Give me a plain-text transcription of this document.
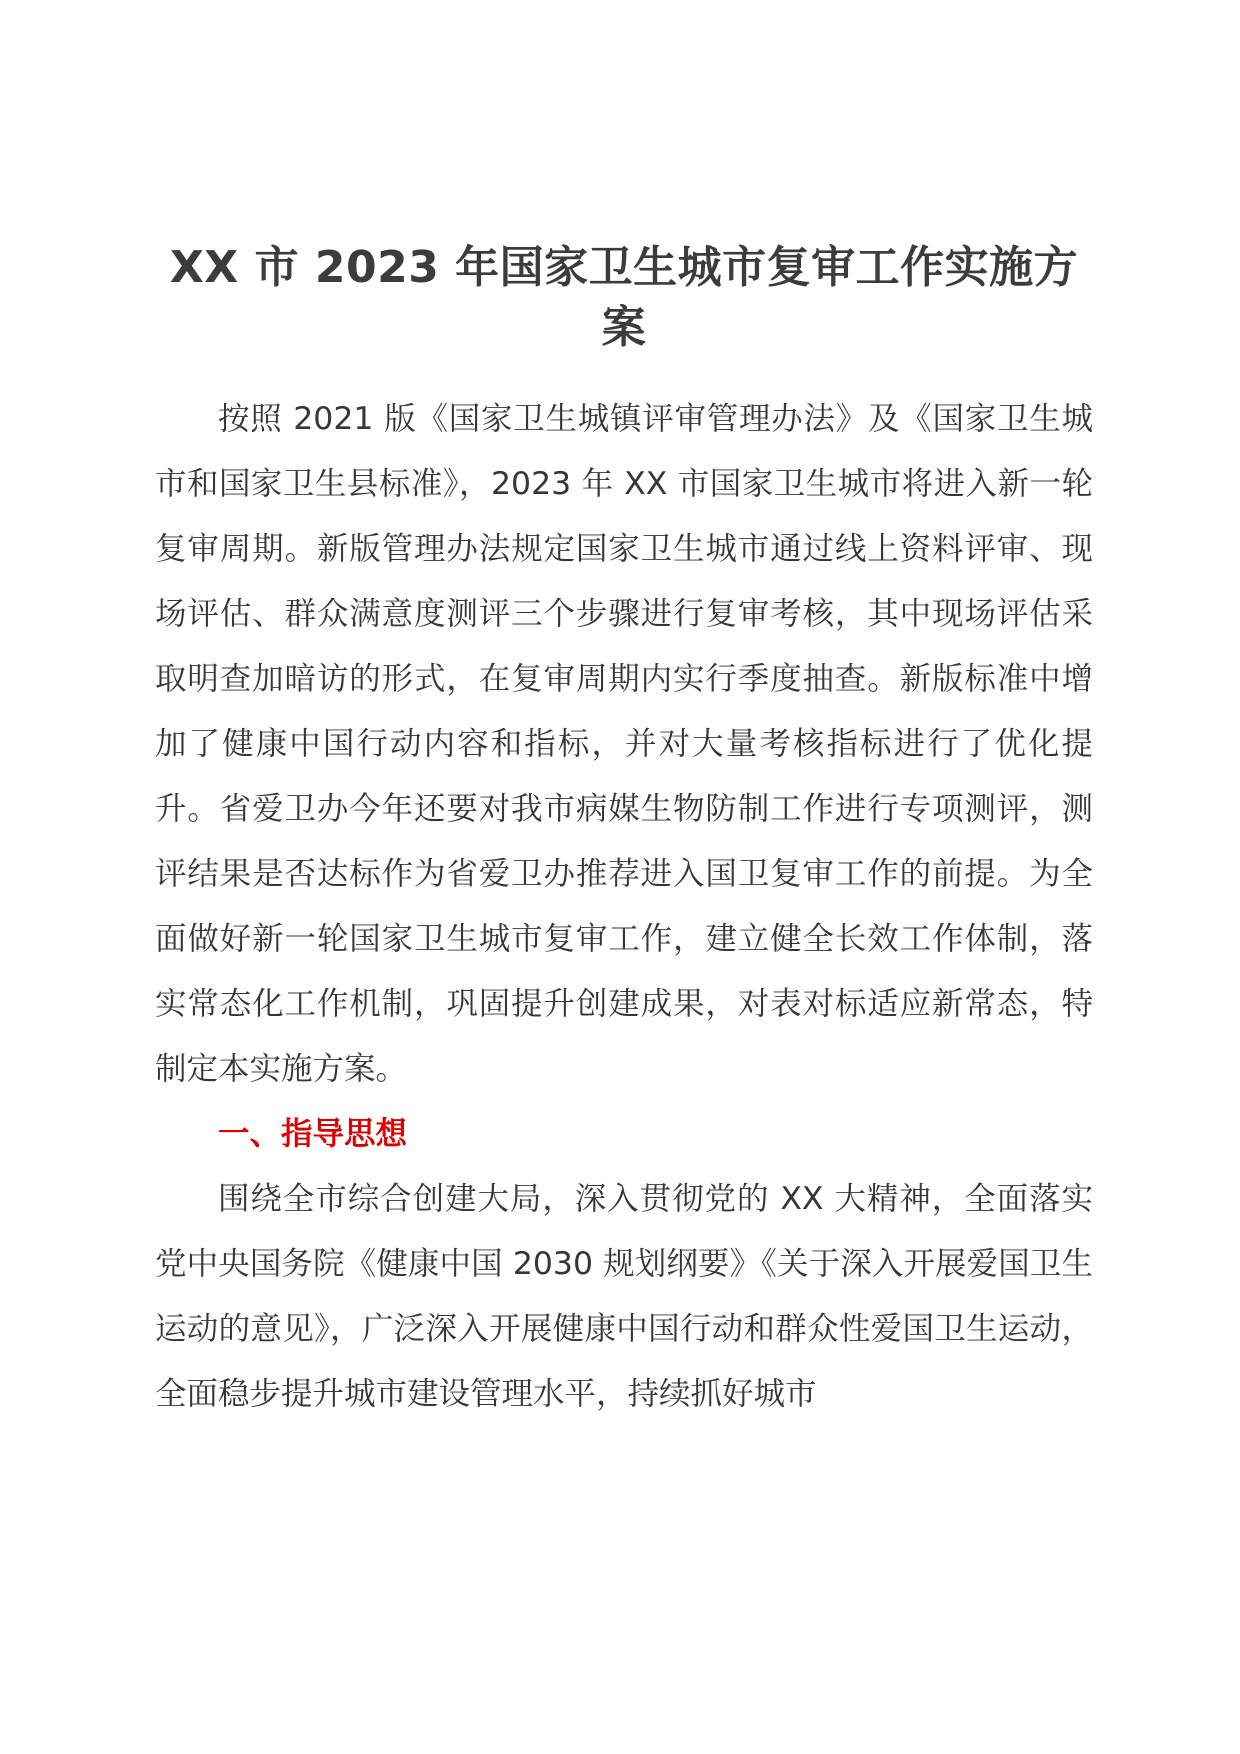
XX 市 2023 年国家卫生城市复审工作实施方
案

按照 2021 版《国家卫生城镇评审管理办法》及《国家卫生城市和国家卫生县标准》，2023 年 XX 市国家卫生城市将进入新一轮复审周期。新版管理办法规定国家卫生城市通过线上资料评审、现场评估、群众满意度测评三个步骤进行复审考核，其中现场评估采取明查加暗访的形式，在复审周期内实行季度抽查。新版标准中增加了健康中国行动内容和指标，并对大量考核指标进行了优化提升。省爱卫办今年还要对我市病媒生物防制工作进行专项测评，测评结果是否达标作为省爱卫办推荐进入国卫复审工作的前提。为全面做好新一轮国家卫生城市复审工作，建立健全长效工作体制，落实常态化工作机制，巩固提升创建成果，对表对标适应新常态，特制定本实施方案。

一、指导思想

围绕全市综合创建大局，深入贯彻党的 XX 大精神，全面落实党中央国务院《健康中国 2030 规划纲要》《关于深入开展爱国卫生运动的意见》，广泛深入开展健康中国行动和群众性爱国卫生运动，全面稳步提升城市建设管理水平，持续抓好城市
